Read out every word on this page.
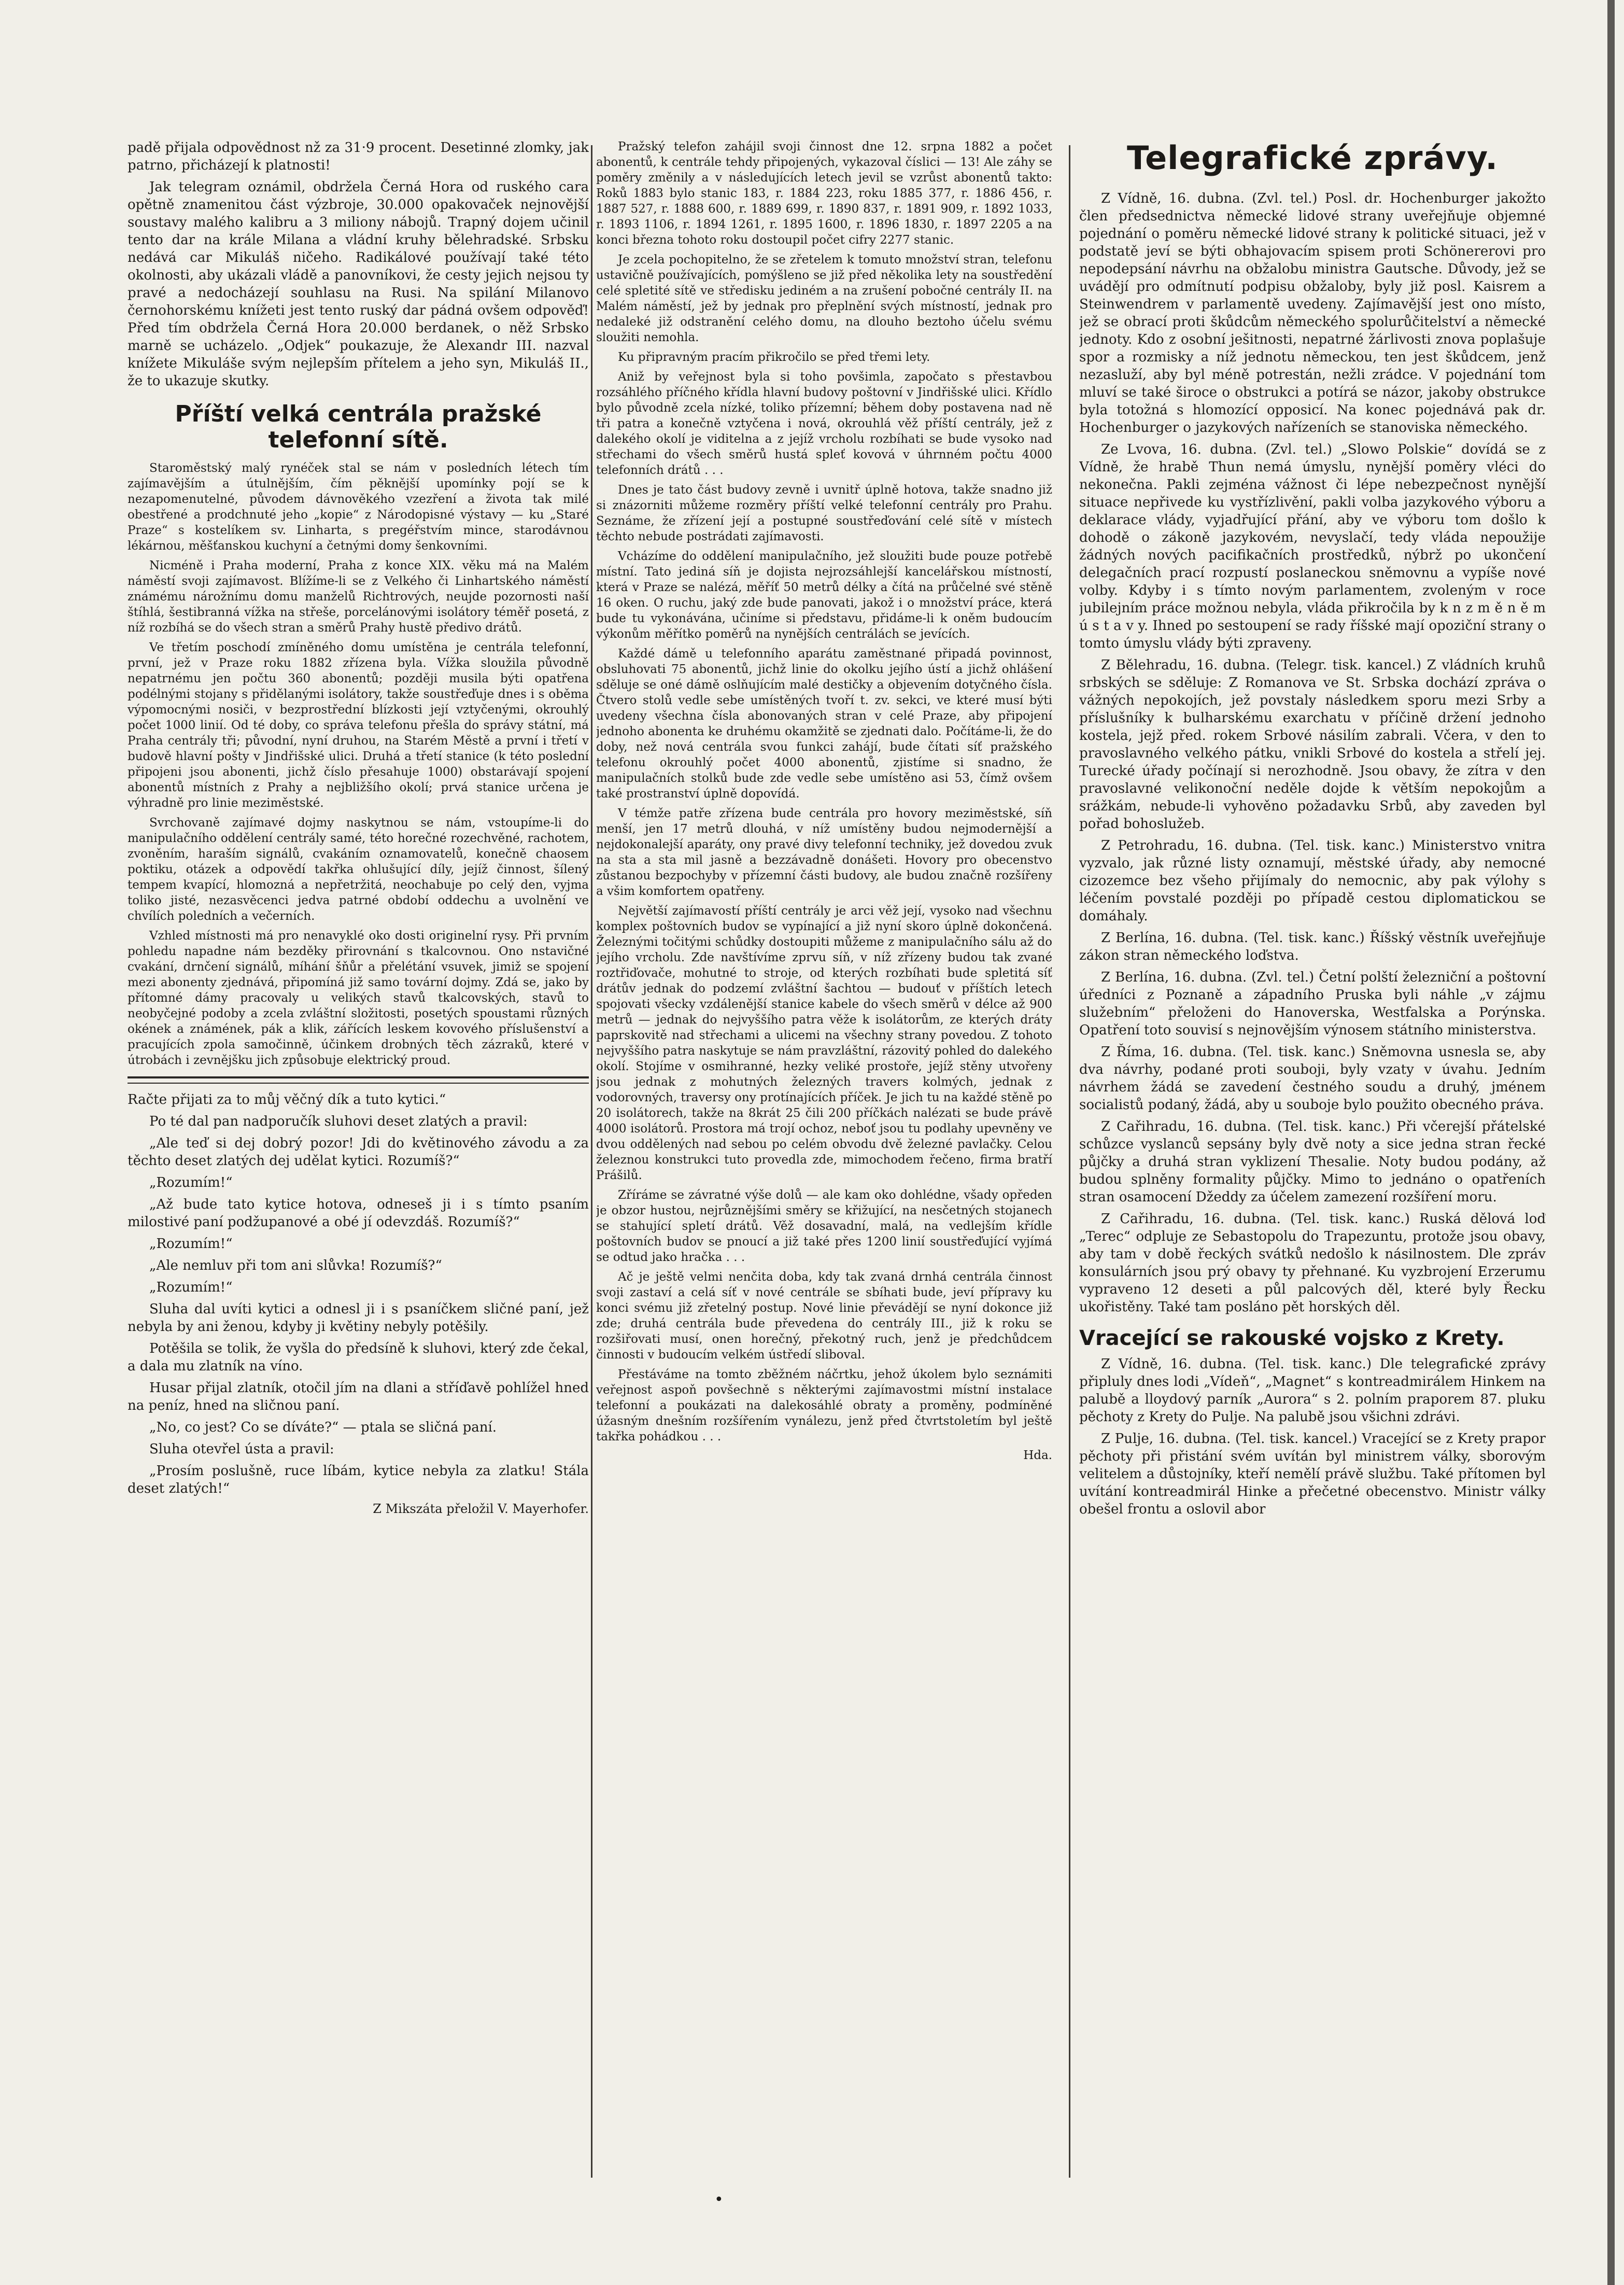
padě přijala odpovědnost nž za 31·9 procent. Desetinné zlomky, jak patrno, přicházejí k platnosti!

Jak telegram oznámil, obdržela Černá Hora od ruského cara opětně znamenitou část výzbroje, 30.000 opakovaček nejnovější soustavy malého kalibru a 3 miliony nábojů. Trapný dojem učinil tento dar na krále Milana a vládní kruhy bělehradské. Srbsku nedává car Mikuláš ničeho. Radikálové používají také této okolnosti, aby ukázali vládě a panovníkovi, že cesty jejich nejsou ty pravé a nedocházejí souhlasu na Rusi. Na spilání Milanovo černohorskému knížeti jest tento ruský dar pádná ovšem odpověď! Před tím obdržela Černá Hora 20.000 berdanek, o něž Srbsko marně se ucházelo. „Odjek“ poukazuje, že Alexandr III. nazval knížete Mikuláše svým nejlepším přítelem a jeho syn, Mikuláš II., že to ukazuje skutky.

Příští velká centrála pražské telefonní sítě.

Staroměstský malý rynéček stal se nám v posledních létech tím zajímavějším a útulnějším, čím pěknější upomínky pojí se k nezapomenutelné, původem dávnověkého vzezření a života tak milé obestřené a prodchnuté jeho „kopie“ z Národopisné výstavy — ku „Staré Praze“ s kostelíkem sv. Linharta, s pregéřstvím mince, starodávnou lékárnou, měšťanskou kuchyní a četnými domy šenkovními.

Nicméně i Praha moderní, Praha z konce XIX. věku má na Malém náměstí svoji zajímavost. Blížíme-li se z Velkého či Linhartského náměstí známému nárožnímu domu manželů Richtrových, neujde pozornosti naší štíhlá, šestibranná vížka na střeše, porcelánovými isolátory téměř posetá, z níž rozbíhá se do všech stran a směrů Prahy hustě předivo drátů.

Ve třetím poschodí zmíněného domu umístěna je centrála telefonní, první, jež v Praze roku 1882 zřízena byla. Vížka sloužila původně nepatrnému jen počtu 360 abonentů; později musila býti opatřena podélnými stojany s přidělanými isolátory, takže soustřeďuje dnes i s oběma výpomocnými nosiči, v bezprostřední blízkosti její vztyčenými, okrouhlý počet 1000 linií. Od té doby, co správa telefonu přešla do správy státní, má Praha centrály tři; původní, nyní druhou, na Starém Městě a první i třetí v budově hlavní pošty v Jindřišské ulici. Druhá a třetí stanice (k této poslední připojeni jsou abonenti, jichž číslo přesahuje 1000) obstarávají spojení abonentů místních z Prahy a nejbližšího okolí; prvá stanice určena je výhradně pro linie meziměstské.

Svrchovaně zajímavé dojmy naskytnou se nám, vstoupíme-li do manipulačního oddělení centrály samé, této horečné rozechvěné, rachotem, zvoněním, haraším signálů, cvakáním oznamovatelů, konečně chaosem poktiku, otázek a odpovědí takřka ohlušující díly, jejíž činnost, šílený tempem kvapící, hlomozná a nepřetržitá, neochabuje po celý den, vyjma toliko jisté, nezasvěcenci jedva patrné období oddechu a uvolnění ve chvílích poledních a večerních.

Vzhled místnosti má pro nenavyklé oko dosti originelní rysy. Při prvním pohledu napadne nám bezděky přirovnání s tkalcovnou. Ono nstavičné cvakání, drnčení signálů, míhání šňůr a přelétání vsuvek, jimiž se spojení mezi abonenty zjednává, připomíná již samo tovární dojmy. Zdá se, jako by přítomné dámy pracovaly u velikých stavů tkalcovských, stavů to neobyčejné podoby a zcela zvláštní složitosti, posetých spoustami různých okének a známének, pák a klik, zářících leskem kovového příslušenství a pracujících zpola samočinně, účinkem drobných těch zázraků, které v útrobách i zevnějšku jich způsobuje elektrický proud.

Račte přijati za to můj věčný dík a tuto kytici.“

Po té dal pan nadporučík sluhovi deset zlatých a pravil:

„Ale teď si dej dobrý pozor! Jdi do květinového závodu a za těchto deset zlatých dej udělat kytici. Rozumíš?“

„Rozumím!“

„Až bude tato kytice hotova, odneseš ji i s tímto psaním milostivé paní podžupanové a obé jí odevzdáš. Rozumíš?“

„Rozumím!“

„Ale nemluv při tom ani slůvka! Rozumíš?“

„Rozumím!“

Sluha dal uvíti kytici a odnesl ji i s psaníčkem sličné paní, jež nebyla by ani ženou, kdyby ji květiny nebyly potěšily.

Potěšila se tolik, že vyšla do předsíně k sluhovi, který zde čekal, a dala mu zlatník na víno.

Husar přijal zlatník, otočil jím na dlani a stříďavě pohlížel hned na peníz, hned na sličnou paní.

„No, co jest? Co se díváte?“ — ptala se sličná paní.

Sluha otevřel ústa a pravil:

„Prosím poslušně, ruce líbám, kytice nebyla za zlatku! Stála deset zlatých!“

Z Mikszáta přeložil V. Mayerhofer.

Pražský telefon zahájil svoji činnost dne 12. srpna 1882 a počet abonentů, k centrále tehdy připojených, vykazoval číslici — 13! Ale záhy se poměry změnily a v následujících letech jevil se vzrůst abonentů takto: Roků 1883 bylo stanic 183, r. 1884 223, roku 1885 377, r. 1886 456, r. 1887 527, r. 1888 600, r. 1889 699, r. 1890 837, r. 1891 909, r. 1892 1033, r. 1893 1106, r. 1894 1261, r. 1895 1600, r. 1896 1830, r. 1897 2205 a na konci března tohoto roku dostoupil počet cifry 2277 stanic.

Je zcela pochopitelno, že se zřetelem k tomuto množství stran, telefonu ustavičně používajících, pomýšleno se již před několika lety na soustředění celé spletité sítě ve středisku jediném a na zrušení pobočné centrály II. na Malém náměstí, jež by jednak pro přeplnění svých místností, jednak pro nedaleké již odstranění celého domu, na dlouho beztoho účelu svému sloužiti nemohla.

Ku připravným pracím přikročilo se před třemi lety.

Aniž by veřejnost byla si toho povšimla, započato s přestavbou rozsáhlého příčného křídla hlavní budovy poštovní v Jindřišské ulici. Křídlo bylo původně zcela nízké, toliko přízemní; během doby postavena nad ně tři patra a konečně vztyčena i nová, okrouhlá věž příští centrály, jež z dalekého okolí je viditelna a z jejíž vrcholu rozbíhati se bude vysoko nad střechami do všech směrů hustá spleť kovová v úhrnném počtu 4000 telefonních drátů . . .

Dnes je tato část budovy zevně i uvnitř úplně hotova, takže snadno již si znázorniti můžeme rozměry příští velké telefonní centrály pro Prahu. Seznáme, že zřízení její a postupné soustřeďování celé sítě v místech těchto nebude postrádati zajímavosti.

Vcházíme do oddělení manipulačního, jež sloužiti bude pouze potřebě místní. Tato jediná síň je dojista nejrozsáhlejší kancelářskou místností, která v Praze se nalézá, měříť 50 metrů délky a čítá na průčelné své stěně 16 oken. O ruchu, jaký zde bude panovati, jakož i o množství práce, která bude tu vykonávána, učiníme si představu, přidáme-li k oněm budoucím výkonům měřítko poměrů na nynějších centrálách se jevících.

Každé dámě u telefonního aparátu zaměstnané připadá povinnost, obsluhovati 75 abonentů, jichž linie do okolku jejího ústí a jichž ohlášení sděluje se oné dámě oslňujícím malé destičky a objevením dotyčného čísla. Čtvero stolů vedle sebe umístěných tvoří t. zv. sekci, ve které musí býti uvedeny všechna čísla abonovaných stran v celé Praze, aby připojení jednoho abonenta ke druhému okamžitě se zjednati dalo. Počítáme-li, že do doby, než nová centrála svou funkci zahájí, bude čítati síť pražského telefonu okrouhlý počet 4000 abonentů, zjistíme si snadno, že manipulačních stolků bude zde vedle sebe umístěno asi 53, čímž ovšem také prostranství úplně dopovídá.

V témže patře zřízena bude centrála pro hovory meziměstské, síň menší, jen 17 metrů dlouhá, v níž umístěny budou nejmodernější a nejdokonalejší aparáty, ony pravé divy telefonní techniky, jež dovedou zvuk na sta a sta mil jasně a bezzávadně donášeti. Hovory pro obecenstvo zůstanou bezpochyby v přízemní části budovy, ale budou značně rozšířeny a všim komfortem opatřeny.

Největší zajímavostí příští centrály je arci věž její, vysoko nad všechnu komplex poštovních budov se vypínající a již nyní skoro úplně dokončená. Železnými točitými schůdky dostoupiti můžeme z manipulačního sálu až do jejího vrcholu. Zde navštívíme zprvu síň, v níž zřízeny budou tak zvané roztřiďovače, mohutné to stroje, od kterých rozbíhati bude spletitá síť drátův jednak do podzemí zvláštní šachtou — budouť v příštích letech spojovati všecky vzdálenější stanice kabele do všech směrů v délce až 900 metrů — jednak do nejvyššího patra věže k isolátorům, ze kterých dráty paprskovitě nad střechami a ulicemi na všechny strany povedou. Z tohoto nejvyššího patra naskytuje se nám pravzláštní, rázovitý pohled do dalekého okolí. Stojíme v osmihranné, hezky veliké prostoře, jejíž stěny utvořeny jsou jednak z mohutných železných travers kolmých, jednak z vodorovných, traversy ony protínajících příček. Je jich tu na každé stěně po 20 isolátorech, takže na 8krát 25 čili 200 příčkách nalézati se bude právě 4000 isolátorů. Prostora má trojí ochoz, neboť jsou tu podlahy upevněny ve dvou oddělených nad sebou po celém obvodu dvě železné pavlačky. Celou železnou konstrukci tuto provedla zde, mimochodem řečeno, firma bratří Prášilů.

Zříráme se závratné výše dolů — ale kam oko dohlédne, všady opředen je obzor hustou, nejrůznějšími směry se křižující, na nesčetných stojanech se stahující spletí drátů. Věž dosavadní, malá, na vedlejším křídle poštovních budov se pnoucí a již také přes 1200 linií soustřeďující vyjímá se odtud jako hračka . . .

Ač je ještě velmi nenčita doba, kdy tak zvaná drnhá centrála činnost svoji zastaví a celá síť v nové centrále se sbíhati bude, jeví přípravy ku konci svému již zřetelný postup. Nové linie převádějí se nyní dokonce již zde; druhá centrála bude převedena do centrály III., již k roku se rozšiřovati musí, onen horečný, překotný ruch, jenž je předchůdcem činnosti v budoucím velkém ústředí sliboval.

Přestáváme na tomto zběžném náčrtku, jehož úkolem bylo seznámiti veřejnost aspoň povšechně s některými zajímavostmi místní instalace telefonní a poukázati na dalekosáhlé obraty a proměny, podmíněné úžasným dnešním rozšířením vynálezu, jenž před čtvrtstoletím byl ještě takřka pohádkou . . .

Hda.
Telegrafické zprávy.

Z Vídně, 16. dubna. (Zvl. tel.) Posl. dr. Hochenburger jakožto člen předsednictva německé lidové strany uveřejňuje objemné pojednání o poměru německé lidové strany k politické situaci, jež v podstatě jeví se býti obhajovacím spisem proti Schönererovi pro nepodepsání návrhu na obžalobu ministra Gautsche. Důvody, jež se uvádějí pro odmítnutí podpisu obžaloby, byly již posl. Kaisrem a Steinwendrem v parlamentě uvedeny. Zajímavější jest ono místo, jež se obrací proti škůdcům německého spolurůčitelství a německé jednoty. Kdo z osobní ješitnosti, nepatrné žárlivosti znova poplašuje spor a rozmisky a níž jednotu německou, ten jest škůdcem, jenž nezasluží, aby byl méně potrestán, nežli zrádce. V pojednání tom mluví se také široce o obstrukci a potírá se názor, jakoby obstrukce byla totožná s hlomozící opposicí. Na konec pojednává pak dr. Hochenburger o jazykových nařízeních se stanoviska německého.

Ze Lvova, 16. dubna. (Zvl. tel.) „Slowo Polskie“ dovídá se z Vídně, že hrabě Thun nemá úmyslu, nynější poměry vléci do nekonečna. Pakli zejména vážnost či lépe nebezpečnost nynější situace nepřivede ku vystřízlivění, pakli volba jazykového výboru a deklarace vlády, vyjadřující přání, aby ve výboru tom došlo k dohodě o zákoně jazykovém, nevyslačí, tedy vláda nepoužije žádných nových pacifikačních prostředků, nýbrž po ukončení delegačních prací rozpustí poslaneckou sněmovnu a vypíše nové volby. Kdyby i s tímto novým parlamentem, zvoleným v roce jubilejním práce možnou nebyla, vláda přikročila by k n z m ě n ě m ú s t a v y. Ihned po sestoupení se rady říšské mají opoziční strany o tomto úmyslu vlády býti zpraveny.

Z Bělehradu, 16. dubna. (Telegr. tisk. kancel.) Z vládních kruhů srbských se sděluje: Z Romanova ve St. Srbska dochází zpráva o vážných nepokojích, jež povstaly následkem sporu mezi Srby a příslušníky k bulharskému exarchatu v příčině držení jednoho kostela, jejž před. rokem Srbové násilím zabrali. Včera, v den to pravoslavného velkého pátku, vnikli Srbové do kostela a střelí jej. Turecké úřady počínají si nerozhodně. Jsou obavy, že zítra v den pravoslavné velikonoční neděle dojde k větším nepokojům a srážkám, nebude-li vyhověno požadavku Srbů, aby zaveden byl pořad bohoslužeb.

Z Petrohradu, 16. dubna. (Tel. tisk. kanc.) Ministerstvo vnitra vyzvalo, jak různé listy oznamují, městské úřady, aby nemocné cizozemce bez všeho přijímaly do nemocnic, aby pak výlohy s léčením povstalé později po případě cestou diplomatickou se domáhaly.

Z Berlína, 16. dubna. (Tel. tisk. kanc.) Říšský věstník uveřejňuje zákon stran německého loďstva.

Z Berlína, 16. dubna. (Zvl. tel.) Četní polští železniční a poštovní úředníci z Poznaně a západního Pruska byli náhle „v zájmu služebním“ přeloženi do Hanoverska, Westfalska a Porýnska. Opatření toto souvisí s nejnovějším výnosem státního ministerstva.

Z Říma, 16. dubna. (Tel. tisk. kanc.) Sněmovna usnesla se, aby dva návrhy, podané proti souboji, byly vzaty v úvahu. Jedním návrhem žádá se zavedení čestného soudu a druhý, jménem socialistů podaný, žádá, aby u souboje bylo použito obecného práva.

Z Cařihradu, 16. dubna. (Tel. tisk. kanc.) Při včerejší přátelské schůzce vyslanců sepsány byly dvě noty a sice jedna stran řecké půjčky a druhá stran vyklizení Thesalie. Noty budou podány, až budou splněny formality půjčky. Mimo to jednáno o opatřeních stran osamocení Džeddy za účelem zamezení rozšíření moru.

Z Cařihradu, 16. dubna. (Tel. tisk. kanc.) Ruská dělová loď „Terec“ odpluje ze Sebastopolu do Trapezuntu, protože jsou obavy, aby tam v době řeckých svátků nedošlo k násilnostem. Dle zpráv konsulárních jsou prý obavy ty přehnané. Ku vyzbrojení Erzerumu vypraveno 12 deseti a půl palcových děl, které byly Řecku ukořistěny. Také tam posláno pět horských děl.

Vracející se rakouské vojsko z Krety.

Z Vídně, 16. dubna. (Tel. tisk. kanc.) Dle telegrafické zprávy připluly dnes lodi „Vídeň“, „Magnet“ s kontreadmirálem Hinkem na palubě a lloydový parník „Aurora“ s 2. polním praporem 87. pluku pěchoty z Krety do Pulje. Na palubě jsou všichni zdrávi.

Z Pulje, 16. dubna. (Tel. tisk. kancel.) Vracející se z Krety prapor pěchoty při přistání svém uvítán byl ministrem války, sborovým velitelem a důstojníky, kteří nemělí právě službu. Také přítomen byl uvítání kontreadmirál Hinke a přečetné obecenstvo. Ministr války obešel frontu a oslovil abor

•
